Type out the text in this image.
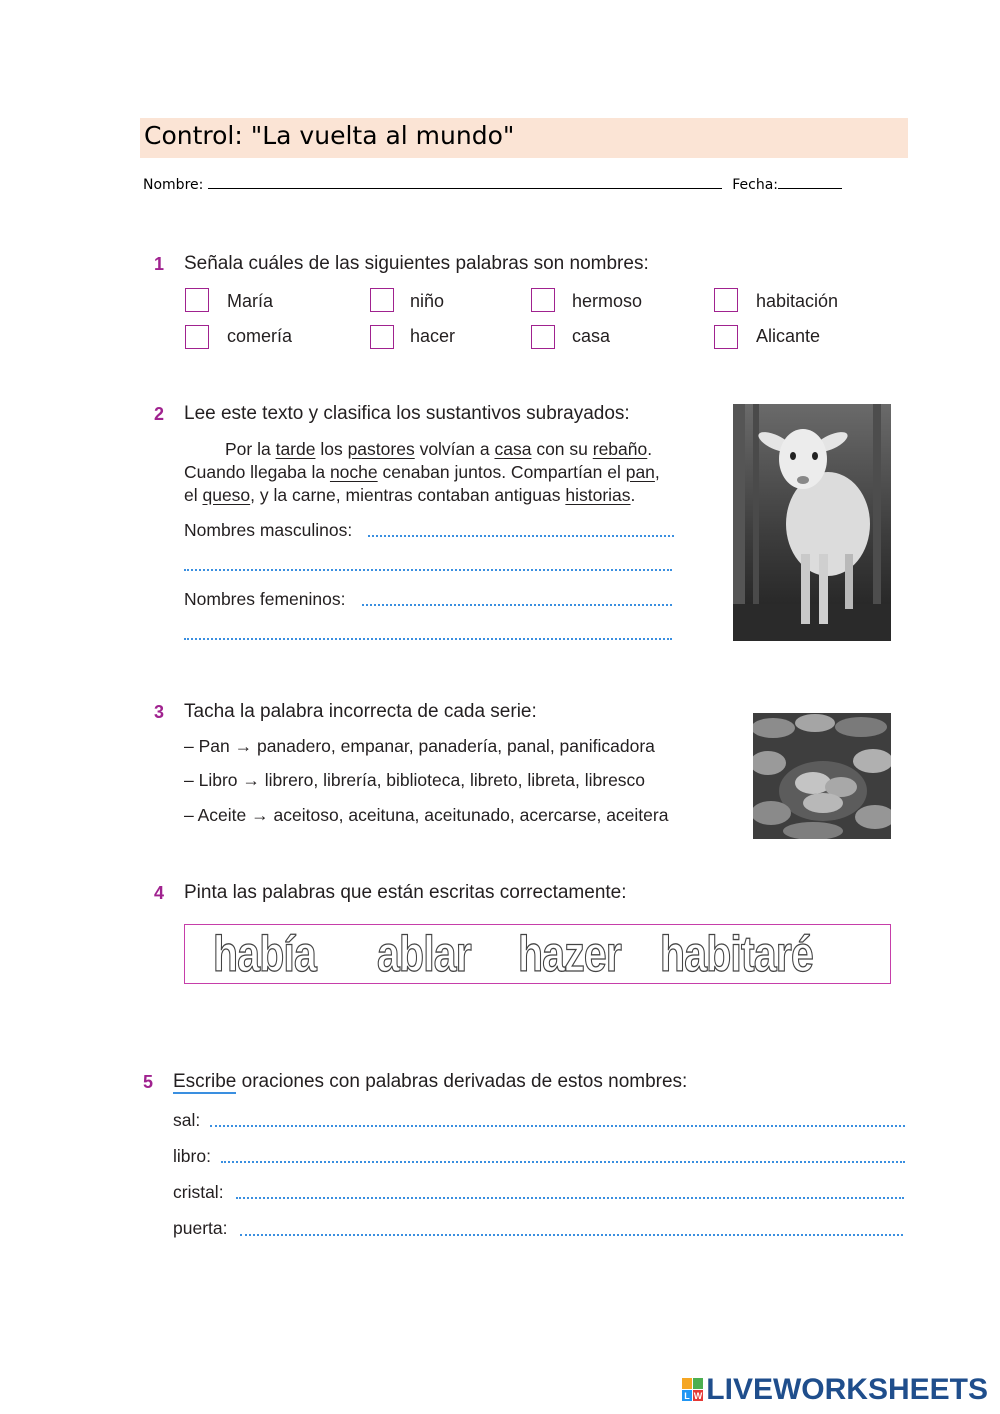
Control: "La vuelta al mundo"
Nombre:	Fecha:
1 Señala cuáles de las siguientes palabras son nombres:
María	niño	hermoso	habitación
comería	hacer	casa	Alicante
2 Lee este texto y clasifica los sustantivos subrayados:
Por la tarde los pastores volvían a casa con su rebaño.
Cuando llegaba la noche cenaban juntos. Compartían el pan,
el queso, y la carne, mientras contaban antiguas historias.
Nombres masculinos:
Nombres femeninos:
3 Tacha la palabra incorrecta de cada serie:
– Pan → panadero, empanar, panadería, panal, panificadora
– Libro → librero, librería, biblioteca, libreto, libreta, libresco
– Aceite → aceitoso, aceituna, aceitunado, acercarse, aceitera
4 Pinta las palabras que están escritas correctamente:
había ablar hazer habitaré
5 Escribe oraciones con palabras derivadas de estos nombres:
sal:
libro:
cristal:
puerta:
L W LIVEWORKSHEETS
